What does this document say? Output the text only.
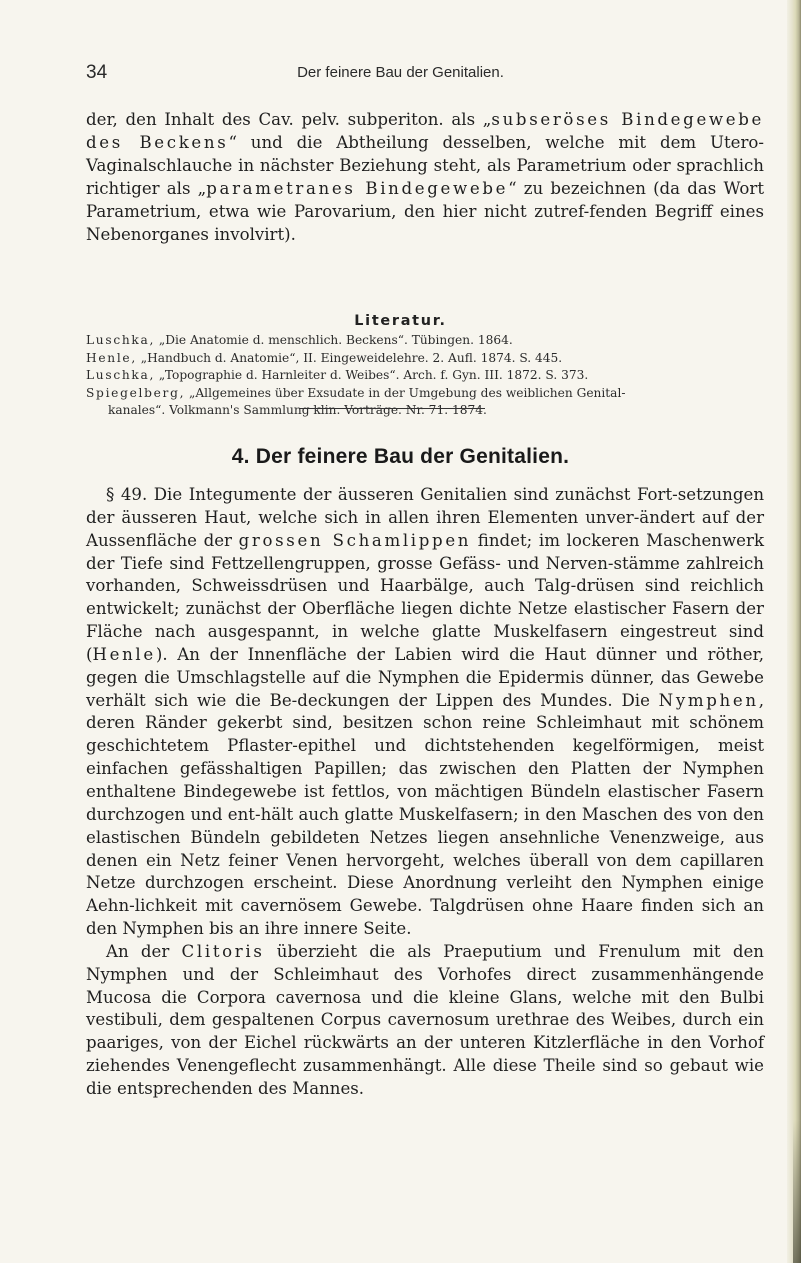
34	Der feinere Bau der Genitalien.

der, den Inhalt des Cav. pelv. subperiton. als „subseröses Bindegewebe des Beckens“ und die Abtheilung desselben, welche mit dem Utero-Vaginalschlauche in nächster Beziehung steht, als Parametrium oder sprachlich richtiger als „parametranes Bindegewebe“ zu bezeichnen (da das Wort Parametrium, etwa wie Parovarium, den hier nicht zutref-fenden Begriff eines Nebenorganes involvirt).

Literatur.

Luschka, „Die Anatomie d. menschlich. Beckens“. Tübingen. 1864.

Henle, „Handbuch d. Anatomie“, II. Eingeweidelehre. 2. Aufl. 1874. S. 445.

Luschka, „Topographie d. Harnleiter d. Weibes“. Arch. f. Gyn. III. 1872. S. 373.

Spiegelberg, „Allgemeines über Exsudate in der Umgebung des weiblichen Genital-

kanales“. Volkmann's Sammlung klin. Vorträge. Nr. 71. 1874.

4. Der feinere Bau der Genitalien.

§ 49. Die Integumente der äusseren Genitalien sind zunächst Fort-setzungen der äusseren Haut, welche sich in allen ihren Elementen unver-ändert auf der Aussenfläche der grossen Schamlippen findet; im lockeren Maschenwerk der Tiefe sind Fettzellengruppen, grosse Gefäss- und Nerven-stämme zahlreich vorhanden, Schweissdrüsen und Haarbälge, auch Talg-drüsen sind reichlich entwickelt; zunächst der Oberfläche liegen dichte Netze elastischer Fasern der Fläche nach ausgespannt, in welche glatte Muskelfasern eingestreut sind (Henle). An der Innenfläche der Labien wird die Haut dünner und röther, gegen die Umschlagstelle auf die Nymphen die Epidermis dünner, das Gewebe verhält sich wie die Be-deckungen der Lippen des Mundes. Die Nymphen, deren Ränder gekerbt sind, besitzen schon reine Schleimhaut mit schönem geschichtetem Pflaster-epithel und dichtstehenden kegelförmigen, meist einfachen gefässhaltigen Papillen; das zwischen den Platten der Nymphen enthaltene Bindegewebe ist fettlos, von mächtigen Bündeln elastischer Fasern durchzogen und ent-hält auch glatte Muskelfasern; in den Maschen des von den elastischen Bündeln gebildeten Netzes liegen ansehnliche Venenzweige, aus denen ein Netz feiner Venen hervorgeht, welches überall von dem capillaren Netze durchzogen erscheint. Diese Anordnung verleiht den Nymphen einige Aehn-lichkeit mit cavernösem Gewebe. Talgdrüsen ohne Haare finden sich an den Nymphen bis an ihre innere Seite.

An der Clitoris überzieht die als Praeputium und Frenulum mit den Nymphen und der Schleimhaut des Vorhofes direct zusammenhängende Mucosa die Corpora cavernosa und die kleine Glans, welche mit den Bulbi vestibuli, dem gespaltenen Corpus cavernosum urethrae des Weibes, durch ein paariges, von der Eichel rückwärts an der unteren Kitzlerfläche in den Vorhof ziehendes Venengeflecht zusammenhängt. Alle diese Theile sind so gebaut wie die entsprechenden des Mannes.
